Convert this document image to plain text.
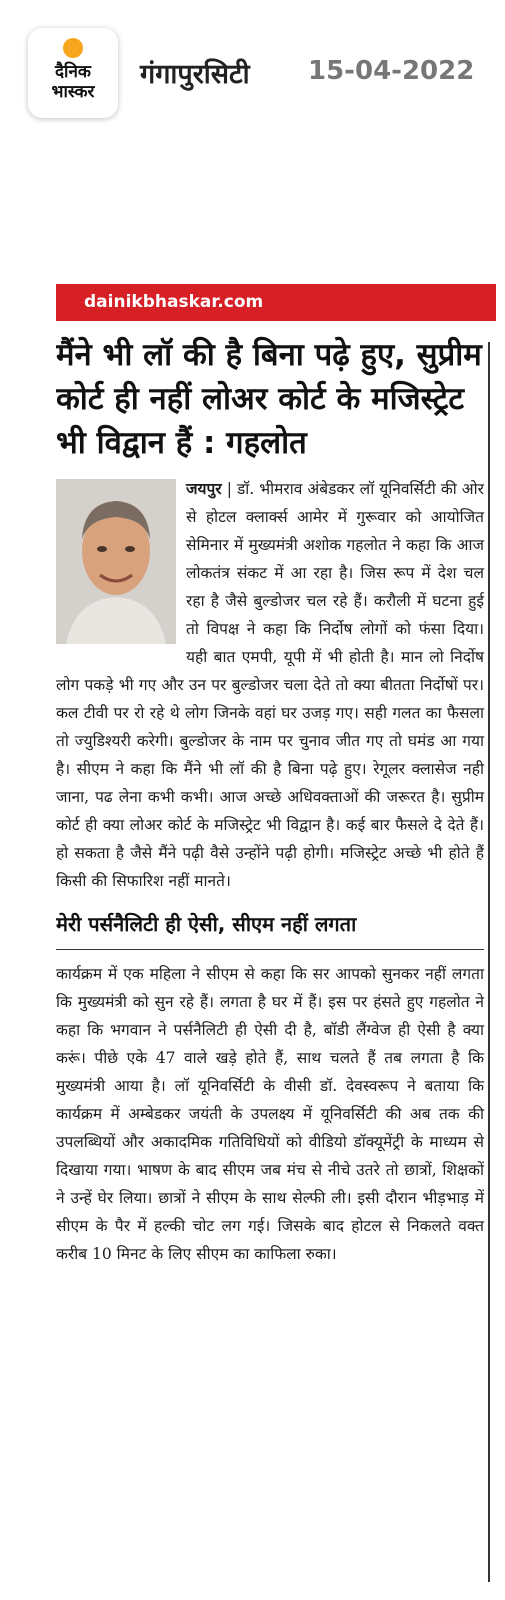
दैनिक
भास्कर
गंगापुरसिटी 15-04-2022
dainikbhaskar.com
मैंने भी लॉ की है बिना पढ़े हुए, सुप्रीम कोर्ट ही नहीं लोअर कोर्ट के मजिस्ट्रेट भी विद्वान हैं : गहलोत
जयपुर | डॉ. भीमराव अंबेडकर लॉ यूनिवर्सिटी की ओर से होटल क्लार्क्स आमेर में गुरूवार को आयोजित सेमिनार में मुख्यमंत्री अशोक गहलोत ने कहा कि आज लोकतंत्र संकट में आ रहा है। जिस रूप में देश चल रहा है जैसे बुल्डोजर चल रहे हैं। करौली में घटना हुई तो विपक्ष ने कहा कि निर्दोष लोगों को फंसा दिया। यही बात एमपी, यूपी में भी होती है। मान लो निर्दोष लोग पकड़े भी गए और उन पर बुल्डोजर चला देते तो क्या बीतता निर्दोषों पर। कल टीवी पर रो रहे थे लोग जिनके वहां घर उजड़ गए। सही गलत का फैसला तो ज्युडिश्यरी करेगी। बुल्डोजर के नाम पर चुनाव जीत गए तो घमंड आ गया है। सीएम ने कहा कि मैंने भी लॉ की है बिना पढ़े हुए। रेगूलर क्लासेज नही जाना, पढ लेना कभी कभी। आज अच्छे अधिवक्ताओं की जरूरत है। सुप्रीम कोर्ट ही क्या लोअर कोर्ट के मजिस्ट्रेट भी विद्वान है। कई बार फैसले दे देते हैं। हो सकता है जैसे मैंने पढ़ी वैसे उन्होंने पढ़ी होगी। मजिस्ट्रेट अच्छे भी होते हैं किसी की सिफारिश नहीं मानते।
मेरी पर्सनैलिटी ही ऐसी, सीएम नहीं लगता
कार्यक्रम में एक महिला ने सीएम से कहा कि सर आपको सुनकर नहीं लगता कि मुख्यमंत्री को सुन रहे हैं। लगता है घर में हैं। इस पर हंसते हुए गहलोत ने कहा कि भगवान ने पर्सनैलिटी ही ऐसी दी है, बॉडी लैंग्वेज ही ऐसी है क्या करूं। पीछे एके 47 वाले खड़े होते हैं, साथ चलते हैं तब लगता है कि मुख्यमंत्री आया है। लॉ यूनिवर्सिटी के वीसी डॉ. देवस्वरूप ने बताया कि कार्यक्रम में अम्बेडकर जयंती के उपलक्ष्य में यूनिवर्सिटी की अब तक की उपलब्धियों और अकादमिक गतिविधियों को वीडियो डॉक्यूमेंट्री के माध्यम से दिखाया गया। भाषण के बाद सीएम जब मंच से नीचे उतरे तो छात्रों, शिक्षकों ने उन्हें घेर लिया। छात्रों ने सीएम के साथ सेल्फी ली। इसी दौरान भीड़भाड़ में सीएम के पैर में हल्की चोट लग गई। जिसके बाद होटल से निकलते वक्त करीब 10 मिनट के लिए सीएम का काफिला रुका।
